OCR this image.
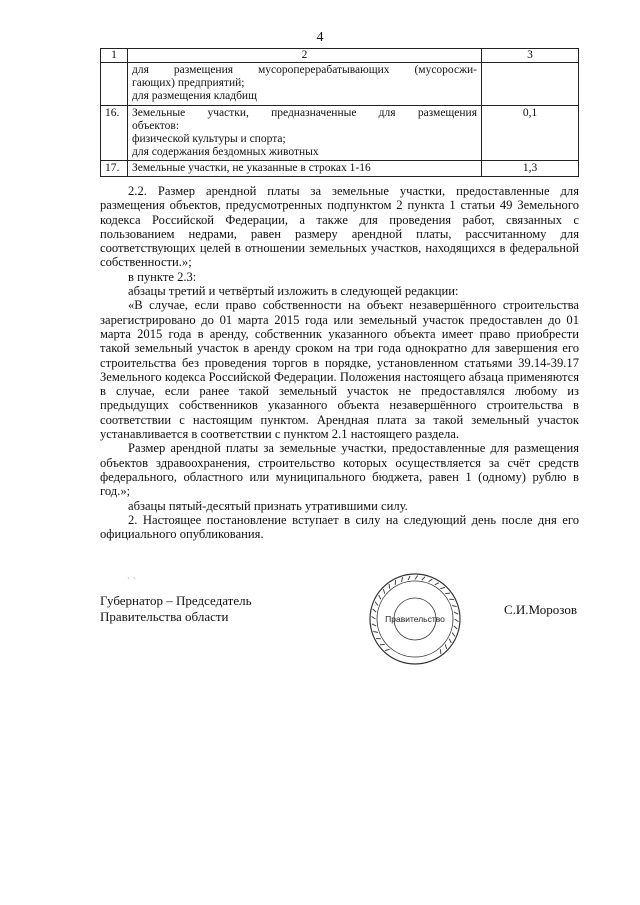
4
1	2	3

	для размещения мусороперерабатывающих (мусоросжи-
гающих) предприятий;
для размещения кладбищ	

16.	Земельные участки, предназначенные для размещения
объектов:
физической культуры и спорта;
для содержания бездомных животных	0,1
17.	Земельные участки, не указанные в строках 1-16	1,3

2.2. Размер арендной платы за земельные участки, предоставленные для размещения объектов, предусмотренных подпунктом 2 пункта 1 статьи 49 Земельного кодекса Российской Федерации, а также для проведения работ, связанных с пользованием недрами, равен размеру арендной платы, рассчитанному для соответствующих целей в отношении земельных участков, находящихся в федеральной собственности.»;

в пункте 2.3:

абзацы третий и четвёртый изложить в следующей редакции:

«В случае, если право собственности на объект незавершённого строительства зарегистрировано до 01 марта 2015 года или земельный участок предоставлен до 01 марта 2015 года в аренду, собственник указанного объекта имеет право приобрести такой земельный участок в аренду сроком на три года однократно для завершения его строительства без проведения торгов в порядке, установленном статьями 39.14-39.17 Земельного кодекса Российской Федерации. Положения настоящего абзаца применяются в случае, если ранее такой земельный участок не предоставлялся любому из предыдущих собственников указанного объекта незавершённого строительства в соответствии с настоящим пунктом. Арендная плата за такой земельный участок устанавливается в соответствии с пунктом 2.1 настоящего раздела.

Размер арендной платы за земельные участки, предоставленные для размещения объектов здравоохранения, строительство которых осуществляется за счёт средств федерального, областного или муниципального бюджета, равен 1 (одному) рублю в год.»;

абзацы пятый-десятый признать утратившими силу.

2. Настоящее постановление вступает в силу на следующий день после дня его официального опубликования.

Губернатор – Председатель
Правительства области	С.И.Морозов
Правительство
` `
